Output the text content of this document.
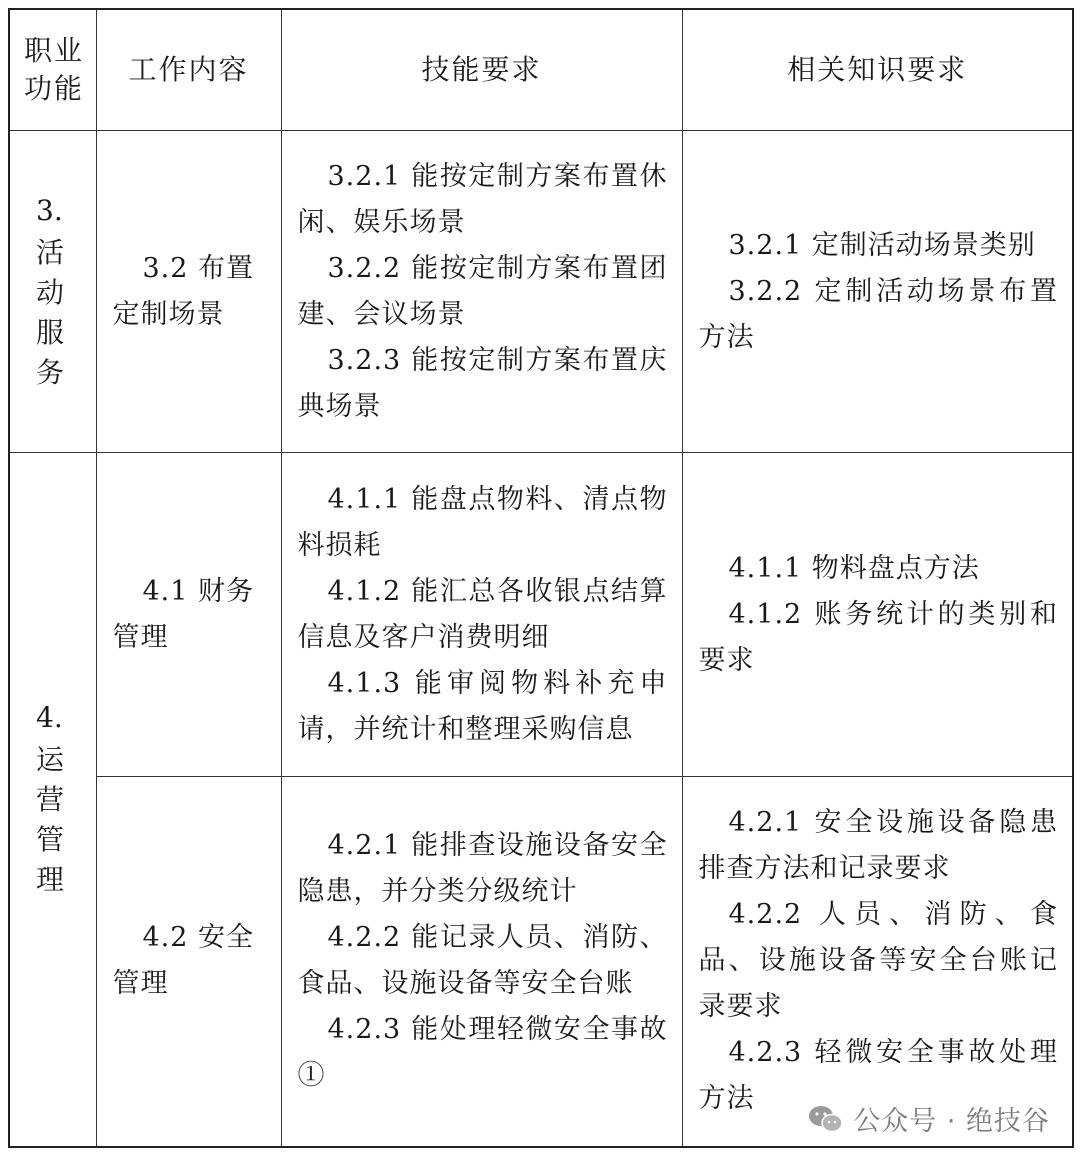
职业
功能	工作内容	技能要求	相关知识要求

3.
活
动
服
务	3.2 布置
定制场景	3.2.1 能按定制方案布置休闲、娱乐场景
3.2.2 能按定制方案布置团建、会议场景
3.2.3 能按定制方案布置庆典场景	3.2.1 定制活动场景类别
3.2.2 定制活动场景布置方法

4.
运
营
管
理	4.1 财务
管理	4.1.1 能盘点物料、清点物料损耗
4.1.2 能汇总各收银点结算信息及客户消费明细
4.1.3 能审阅物料补充申请，并统计和整理采购信息	4.1.1 物料盘点方法
4.1.2 账务统计的类别和要求

	4.2 安全
管理	4.2.1 能排查设施设备安全隐患，并分类分级统计
4.2.2 能记录人员、消防、食品、设施设备等安全台账
4.2.3 能处理轻微安全事故①	4.2.1 安全设施设备隐患排查方法和记录要求
4.2.2 人员、消防、食品、设施设备等安全台账记录要求
4.2.3 轻微安全事故处理方法
公众号 · 绝技谷
